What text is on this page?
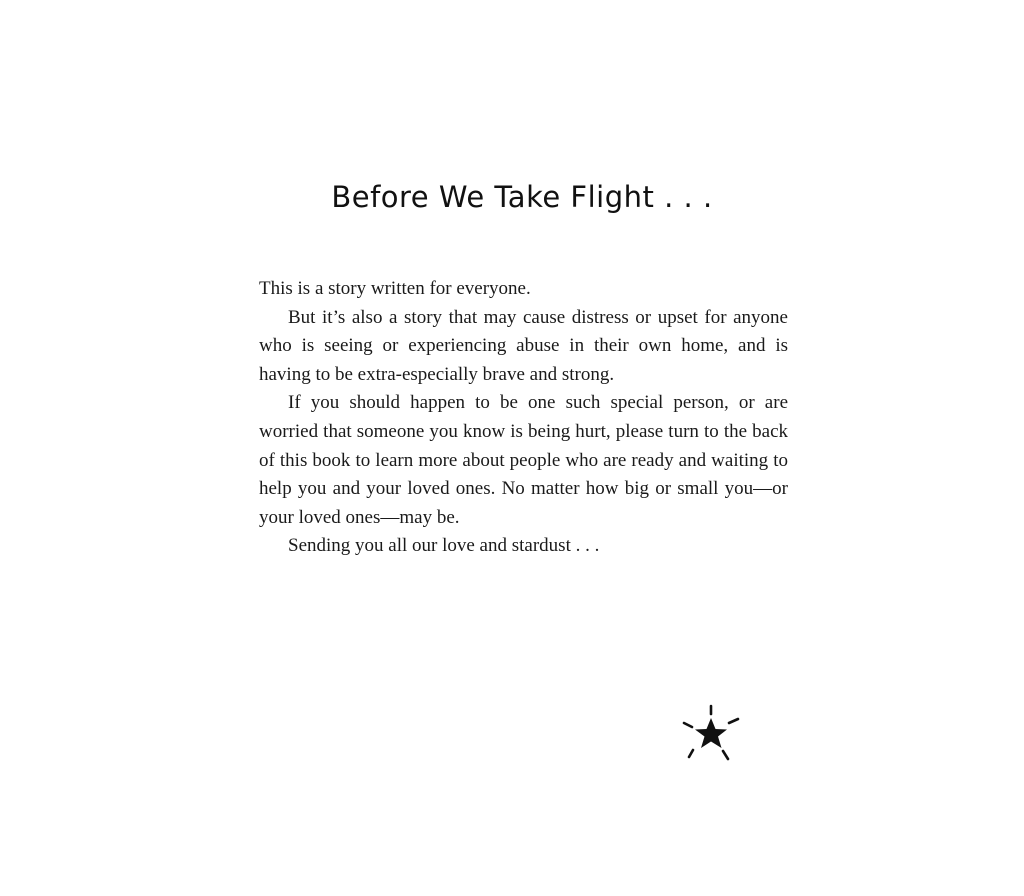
Before We Take Flight . . .

This is a story written for everyone.

But it’s also a story that may cause distress or upset for anyone who is seeing or experiencing abuse in their own home, and is having to be extra-especially brave and strong.

If you should happen to be one such special person, or are worried that someone you know is being hurt, please turn to the back of this book to learn more about people who are ready and waiting to help you and your loved ones. No matter how big or small you—or your loved ones—may be.

Sending you all our love and stardust . . .
